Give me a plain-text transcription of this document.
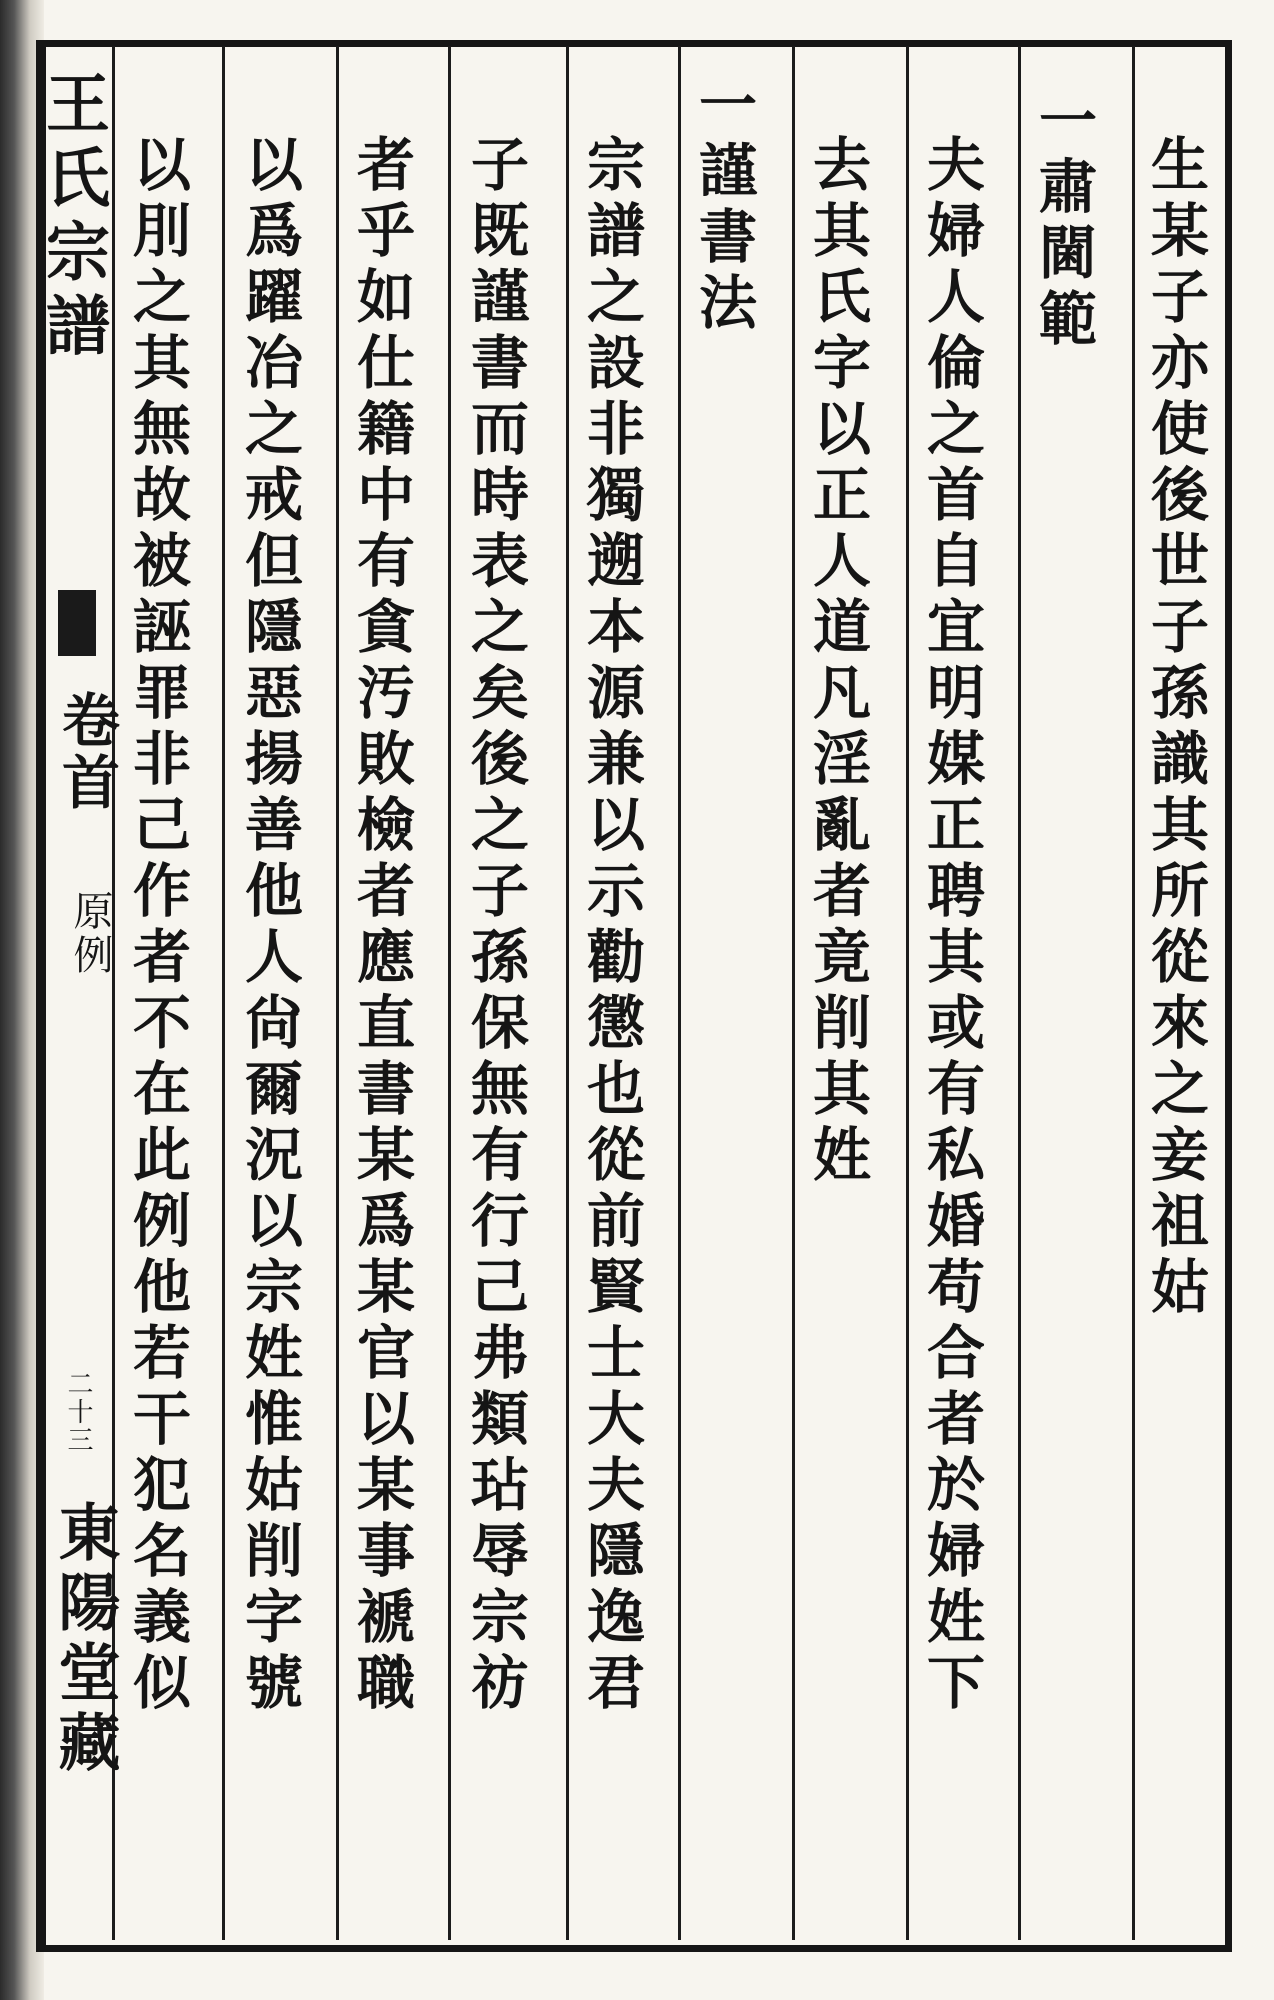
王氏宗譜
卷首
原例
二十三
東陽堂藏
生某子亦使後世子孫識其所從來之妾祖姑
一肅閫範
夫婦人倫之首自宜明媒正聘其或有私婚苟合者於婦姓下
去其氏字以正人道凡淫亂者竟削其姓
一謹書法
宗譜之設非獨遡本源兼以示勸懲也從前賢士大夫隱逸君
子既謹書而時表之矣後之子孫保無有行己弗類玷辱宗祊
者乎如仕籍中有貪汚敗檢者應直書某爲某官以某事褫職
以爲躍冶之戒但隱惡揚善他人尙爾況以宗姓惟姑削字號
以刖之其無故被誣罪非己作者不在此例他若干犯名義似
